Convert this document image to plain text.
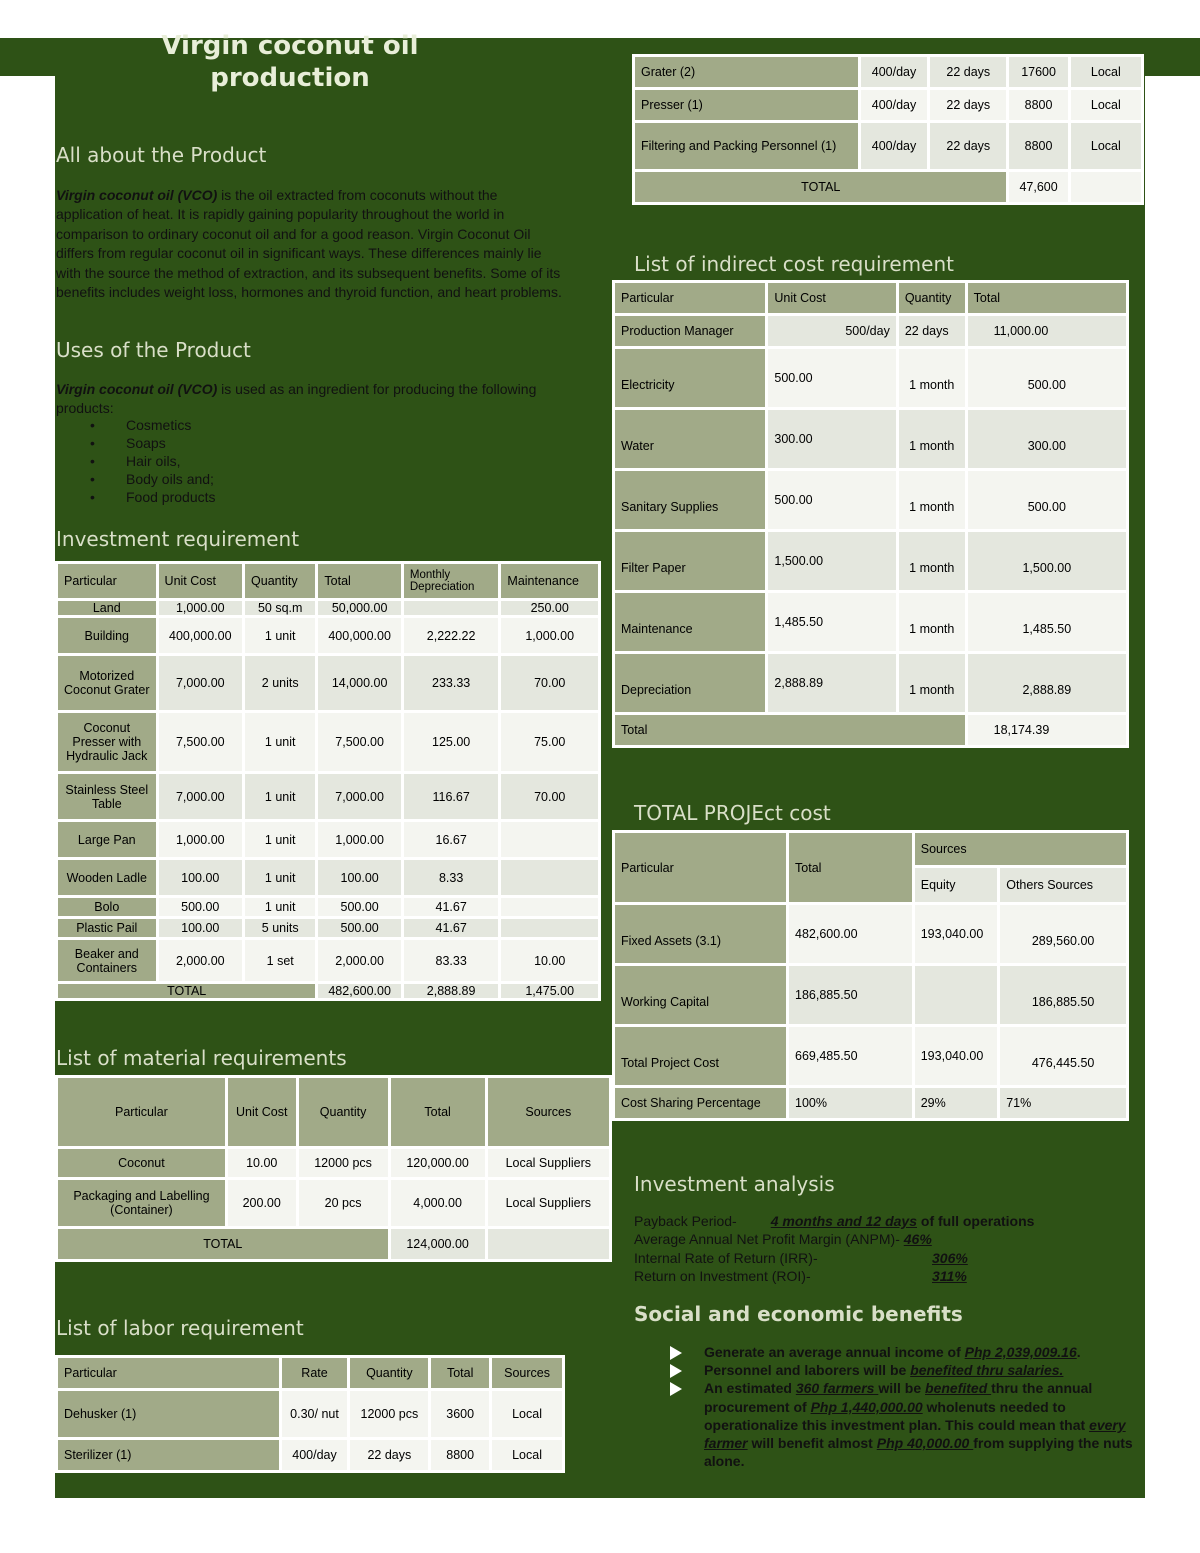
Virgin coconut oil
production
All about the Product
Virgin coconut oil (VCO) is the oil extracted from coconuts without the application of heat. It is rapidly gaining popularity throughout the world in comparison to ordinary coconut oil and for a good reason. Virgin Coconut Oil differs from regular coconut oil in significant ways. These differences mainly lie with the source the method of extraction, and its subsequent benefits. Some of its benefits includes weight loss, hormones and thyroid function, and heart problems.
Uses of the Product
Virgin coconut oil (VCO) is used as an ingredient for producing the following products:
• Cosmetics
• Soaps
• Hair oils,
• Body oils and;
• Food products
Investment requirement
Particular	Unit Cost	Quantity	Total	Monthly Depreciation	Maintenance
Land	1,000.00	50 sq.m	50,000.00		250.00
Building	400,000.00	1 unit	400,000.00	2,222.22	1,000.00
Motorized Coconut Grater	7,000.00	2 units	14,000.00	233.33	70.00
Coconut Presser with Hydraulic Jack	7,500.00	1 unit	7,500.00	125.00	75.00
Stainless Steel Table	7,000.00	1 unit	7,000.00	116.67	70.00
Large Pan	1,000.00	1 unit	1,000.00	16.67	
Wooden Ladle	100.00	1 unit	100.00	8.33	
Bolo	500.00	1 unit	500.00	41.67	
Plastic Pail	100.00	5 units	500.00	41.67	
Beaker and Containers	2,000.00	1 set	2,000.00	83.33	10.00
TOTAL			482,600.00	2,888.89	1,475.00
List of material requirements
Particular	Unit Cost	Quantity	Total	Sources
Coconut	10.00	12000 pcs	120,000.00	Local Suppliers
Packaging and Labelling (Container)	200.00	20 pcs	4,000.00	Local Suppliers
TOTAL			124,000.00	
List of labor requirement
Particular	Rate	Quantity	Total	Sources
Dehusker (1)	0.30/ nut	12000 pcs	3600	Local
Sterilizer (1)	400/day	22 days	8800	Local
Grater (2)	400/day	22 days	17600	Local
Presser (1)	400/day	22 days	8800	Local
Filtering and Packing Personnel (1)	400/day	22 days	8800	Local
TOTAL			47,600	
List of indirect cost requirement
Particular	Unit Cost	Quantity	Total
Production Manager	500/day	22 days	11,000.00
Electricity	500.00	1 month	500.00
Water	300.00	1 month	300.00
Sanitary Supplies	500.00	1 month	500.00
Filter Paper	1,500.00	1 month	1,500.00
Maintenance	1,485.50	1 month	1,485.50
Depreciation	2,888.89	1 month	2,888.89
Total			18,174.39
TOTAL PROJEct cost
Particular	Total	Sources	
		Equity	Others Sources
Fixed Assets (3.1)	482,600.00	193,040.00	289,560.00
Working Capital	186,885.50		186,885.50
Total Project Cost	669,485.50	193,040.00	476,445.50
Cost Sharing Percentage	100%	29%	71%
Investment analysis
Payback Period- 4 months and 12 days of full operations
Average Annual Net Profit Margin (ANPM)- 46%
Internal Rate of Return (IRR)-	306%
Return on Investment (ROI)-	311%
Social and economic benefits
Generate an average annual income of Php 2,039,009.16.
Personnel and laborers will be benefited thru salaries.
An estimated 360 farmers will be benefited thru the annual procurement of Php 1,440,000.00 wholenuts needed to operationalize this investment plan. This could mean that every farmer will benefit almost Php 40,000.00 from supplying the nuts alone.
